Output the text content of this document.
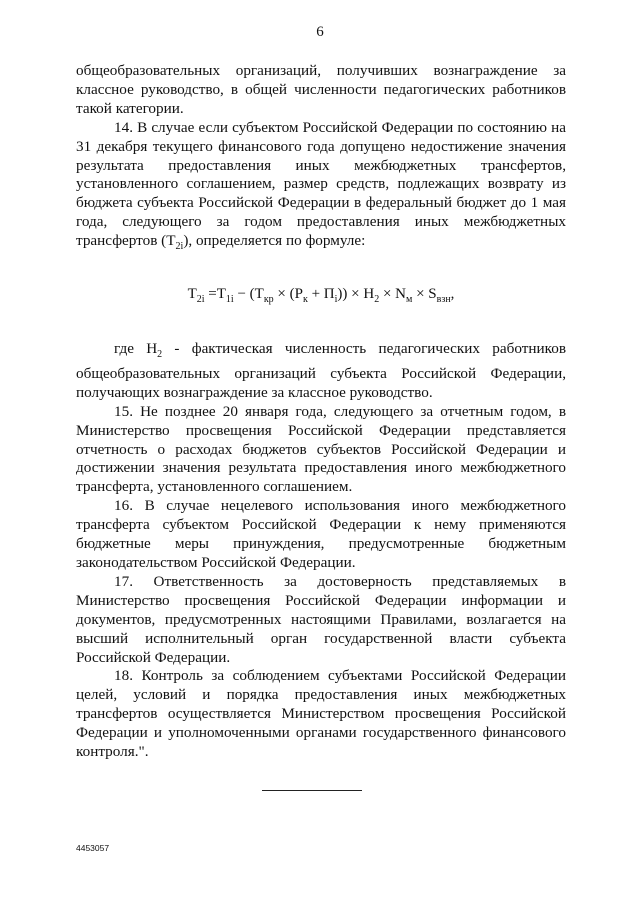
6

общеобразовательных организаций, получивших вознаграждение за классное руководство, в общей численности педагогических работников такой категории.

14. В случае если субъектом Российской Федерации по состоянию на 31 декабря текущего финансового года допущено недостижение значения результата предоставления иных межбюджетных трансфертов, установленного соглашением, размер средств, подлежащих возврату из бюджета субъекта Российской Федерации в федеральный бюджет до 1 мая года, следующего за годом предоставления иных межбюджетных трансфертов $(T_{2i})$, определяется по формуле:

$T_{2i} =T_{1i} - (T_{кр} \times (P_к + П_i)) \times H_2 \times N_м \times S_{взн}$,

где $H_2$ - фактическая численность педагогических работников общеобразовательных организаций субъекта Российской Федерации, получающих вознаграждение за классное руководство.

15. Не позднее 20 января года, следующего за отчетным годом, в Министерство просвещения Российской Федерации представляется отчетность о расходах бюджетов субъектов Российской Федерации и достижении значения результата предоставления иного межбюджетного трансферта, установленного соглашением.

16. В случае нецелевого использования иного межбюджетного трансферта субъектом Российской Федерации к нему применяются бюджетные меры принуждения, предусмотренные бюджетным законодательством Российской Федерации.

17. Ответственность за достоверность представляемых в Министерство просвещения Российской Федерации информации и документов, предусмотренных настоящими Правилами, возлагается на высший исполнительный орган государственной власти субъекта Российской Федерации.

18. Контроль за соблюдением субъектами Российской Федерации целей, условий и порядка предоставления иных межбюджетных трансфертов осуществляется Министерством просвещения Российской Федерации и уполномоченными органами государственного финансового контроля.".

4453057
